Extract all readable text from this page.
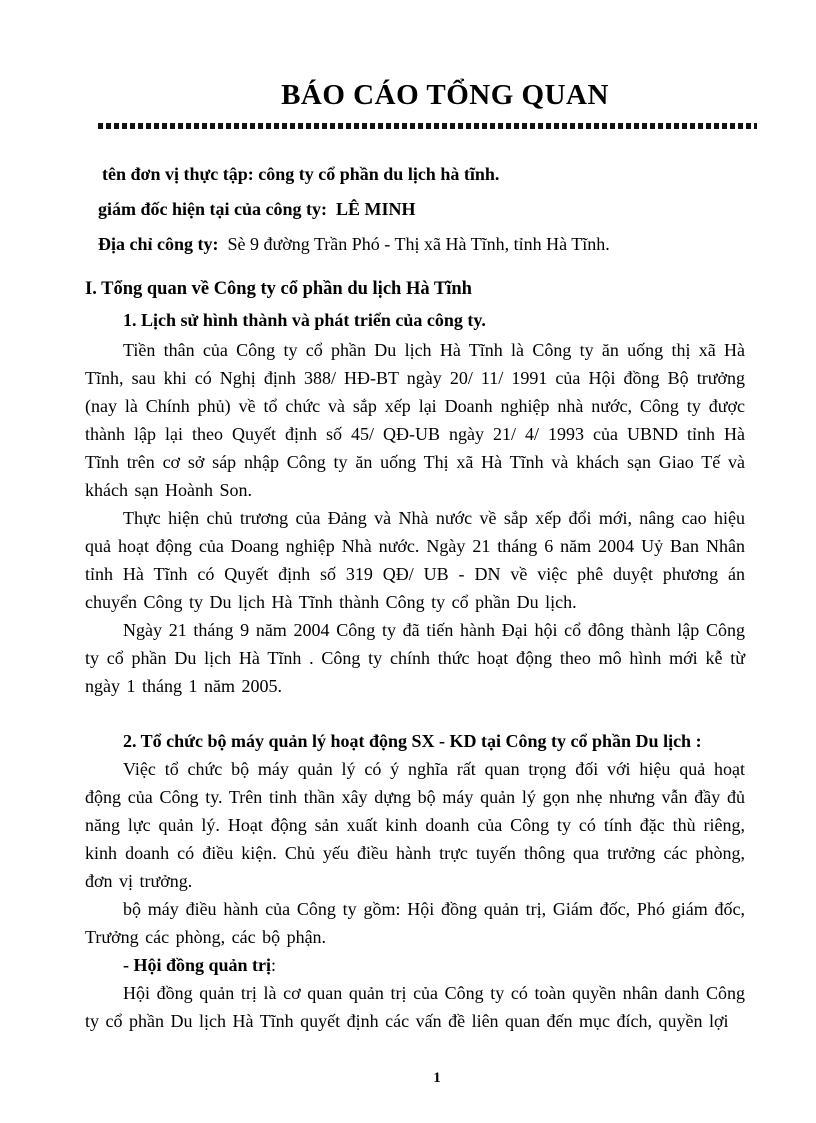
BÁO CÁO TỔNG QUAN
tên đơn vị thực tập: công ty cổ phần du lịch hà tĩnh.
giám đốc hiện tại của công ty: LÊ MINH
Địa chỉ công ty: Sè 9 đường Trần Phó - Thị xã Hà Tĩnh, tỉnh Hà Tĩnh.
I. Tổng quan về Công ty cổ phần du lịch Hà Tĩnh
1. Lịch sử hình thành và phát triển của công ty.

Tiền thân của Công ty cổ phần Du lịch Hà Tĩnh là Công ty ăn uống thị xã Hà Tĩnh, sau khi có Nghị định 388/ HĐ-BT ngày 20/ 11/ 1991 của Hội đồng Bộ trưởng (nay là Chính phủ) về tổ chức và sắp xếp lại Doanh nghiệp nhà nước, Công ty được thành lập lại theo Quyết định số 45/ QĐ-UB ngày 21/ 4/ 1993 của UBND tỉnh Hà Tĩnh trên cơ sở sáp nhập Công ty ăn uống Thị xã Hà Tĩnh và khách sạn Giao Tế và khách sạn Hoành Son.

Thực hiện chủ trương của Đảng và Nhà nước về sắp xếp đổi mới, nâng cao hiệu quả hoạt động của Doang nghiệp Nhà nước. Ngày 21 tháng 6 năm 2004 Uỷ Ban Nhân tỉnh Hà Tĩnh có Quyết định số 319 QĐ/ UB - DN về việc phê duyệt phương án chuyển Công ty Du lịch Hà Tĩnh thành Công ty cổ phần Du lịch.

Ngày 21 tháng 9 năm 2004 Công ty đã tiến hành Đại hội cổ đông thành lập Công ty cổ phần Du lịch Hà Tĩnh . Công ty chính thức hoạt động theo mô hình mới kễ từ ngày 1 tháng 1 năm 2005.

2. Tổ chức bộ máy quản lý hoạt động SX - KD tại Công ty cổ phần Du lịch :

Việc tổ chức bộ máy quản lý có ý nghĩa rất quan trọng đối với hiệu quả hoạt động của Công ty. Trên tinh thần xây dựng bộ máy quản lý gọn nhẹ nhưng vẫn đầy đủ năng lực quản lý. Hoạt động sản xuất kinh doanh của Công ty có tính đặc thù riêng, kinh doanh có điều kiện. Chủ yếu điều hành trực tuyến thông qua trưởng các phòng, đơn vị trưởng.

bộ máy điều hành của Công ty gồm: Hội đồng quản trị, Giám đốc, Phó giám đốc, Trưởng các phòng, các bộ phận.

- Hội đồng quản trị:

Hội đồng quản trị là cơ quan quản trị của Công ty có toàn quyền nhân danh Công ty cổ phần Du lịch Hà Tĩnh quyết định các vấn đề liên quan đến mục đích, quyền lợi

1
